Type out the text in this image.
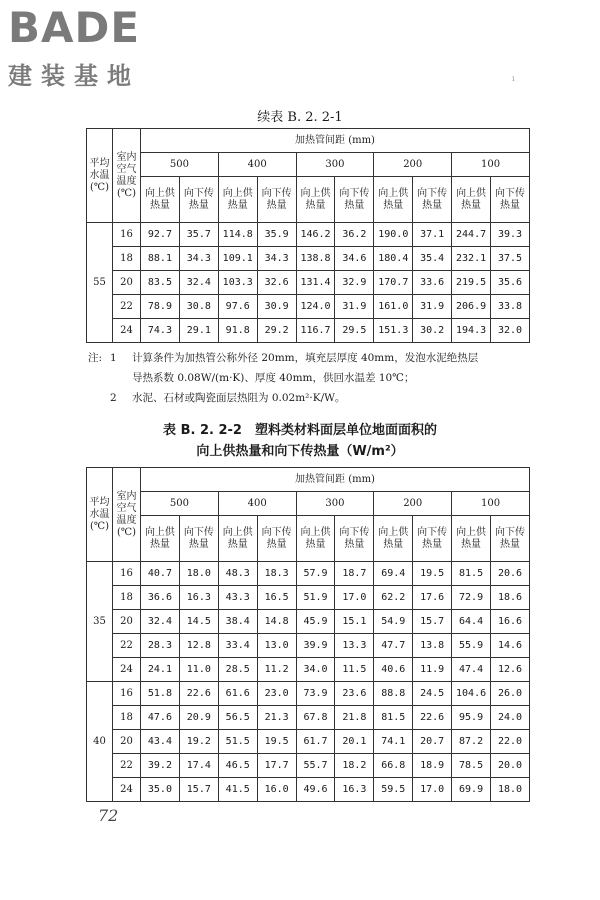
BADE
建装基地	ı
续表 B. 2. 2-1
平均水温(℃)	室内空气温度(℃)	加热管间距 (mm)									
		500		400		300		200		100	
		向上供热量	向下传热量	向上供热量	向下传热量	向上供热量	向下传热量	向上供热量	向下传热量	向上供热量	向下传热量
55	16	92.7	35.7	114.8	35.9	146.2	36.2	190.0	37.1	244.7	39.3
	18	88.1	34.3	109.1	34.3	138.8	34.6	180.4	35.4	232.1	37.5
	20	83.5	32.4	103.3	32.6	131.4	32.9	170.7	33.6	219.5	35.6
	22	78.9	30.8	97.6	30.9	124.0	31.9	161.0	31.9	206.9	33.8
	24	74.3	29.1	91.8	29.2	116.7	29.5	151.3	30.2	194.3	32.0
注: 1	计算条件为加热管公称外径 20mm，填充层厚度 40mm，发泡水泥绝热层
导热系数 0.08W/(m·K)、厚度 40mm，供回水温差 10℃；
2	水泥、石材或陶瓷面层热阻为 0.02m²·K/W。
表 B. 2. 2-2　塑料类材料面层单位地面面积的
向上供热量和向下传热量（W/m²）
平均水温(℃)	室内空气温度(℃)	加热管间距 (mm)									
		500		400		300		200		100	
		向上供热量	向下传热量	向上供热量	向下传热量	向上供热量	向下传热量	向上供热量	向下传热量	向上供热量	向下传热量
35	16	40.7	18.0	48.3	18.3	57.9	18.7	69.4	19.5	81.5	20.6
	18	36.6	16.3	43.3	16.5	51.9	17.0	62.2	17.6	72.9	18.6
	20	32.4	14.5	38.4	14.8	45.9	15.1	54.9	15.7	64.4	16.6
	22	28.3	12.8	33.4	13.0	39.9	13.3	47.7	13.8	55.9	14.6
	24	24.1	11.0	28.5	11.2	34.0	11.5	40.6	11.9	47.4	12.6
40	16	51.8	22.6	61.6	23.0	73.9	23.6	88.8	24.5	104.6	26.0
	18	47.6	20.9	56.5	21.3	67.8	21.8	81.5	22.6	95.9	24.0
	20	43.4	19.2	51.5	19.5	61.7	20.1	74.1	20.7	87.2	22.0
	22	39.2	17.4	46.5	17.7	55.7	18.2	66.8	18.9	78.5	20.0
	24	35.0	15.7	41.5	16.0	49.6	16.3	59.5	17.0	69.9	18.0
72
